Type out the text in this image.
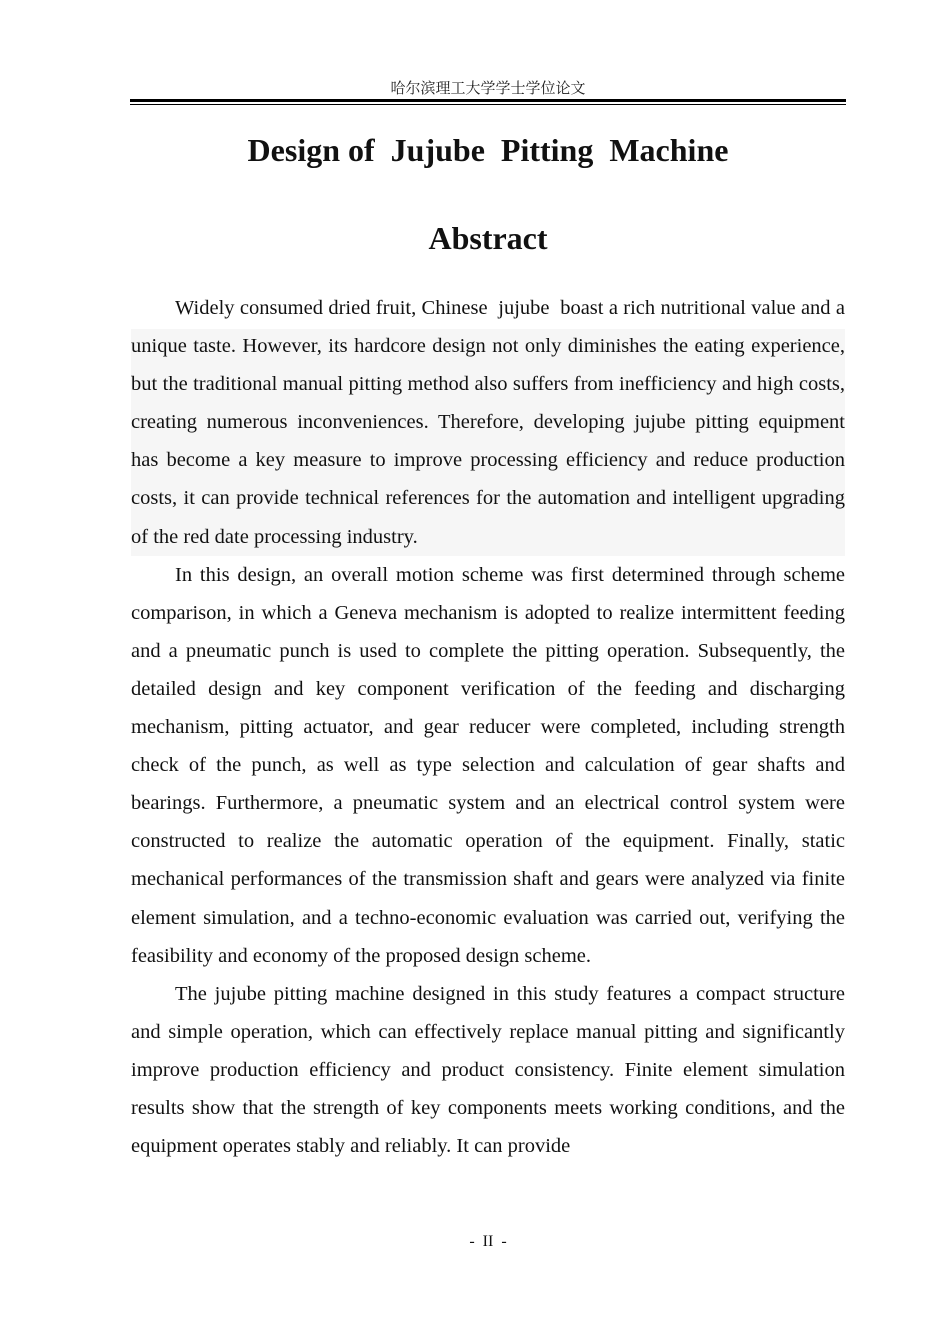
哈尔滨理工大学学士学位论文
Design of  Jujube  Pitting  Machine
Abstract

Widely consumed dried fruit, Chinese  jujube  boast a rich nutritional value and a unique taste. However, its hardcore design not only diminishes the eating experience, but the traditional manual pitting method also suffers from inefficiency and high costs, creating numerous inconveniences. Therefore, developing jujube pitting equipment has become a key measure to improve processing efficiency and reduce production costs, it can provide technical references for the automation and intelligent upgrading of the red date processing industry.

In this design, an overall motion scheme was first determined through scheme comparison, in which a Geneva mechanism is adopted to realize intermittent feeding and a pneumatic punch is used to complete the pitting operation. Subsequently, the detailed design and key component verification of the feeding and discharging mechanism, pitting actuator, and gear reducer were completed, including strength check of the punch, as well as type selection and calculation of gear shafts and bearings. Furthermore, a pneumatic system and an electrical control system were constructed to realize the automatic operation of the equipment. Finally, static mechanical performances of the transmission shaft and gears were analyzed via finite element simulation, and a techno-economic evaluation was carried out, verifying the feasibility and economy of the proposed design scheme.

The jujube pitting machine designed in this study features a compact structure and simple operation, which can effectively replace manual pitting and significantly improve production efficiency and product consistency. Finite element simulation results show that the strength of key components meets working conditions, and the equipment operates stably and reliably. It can provide

-  II  -
